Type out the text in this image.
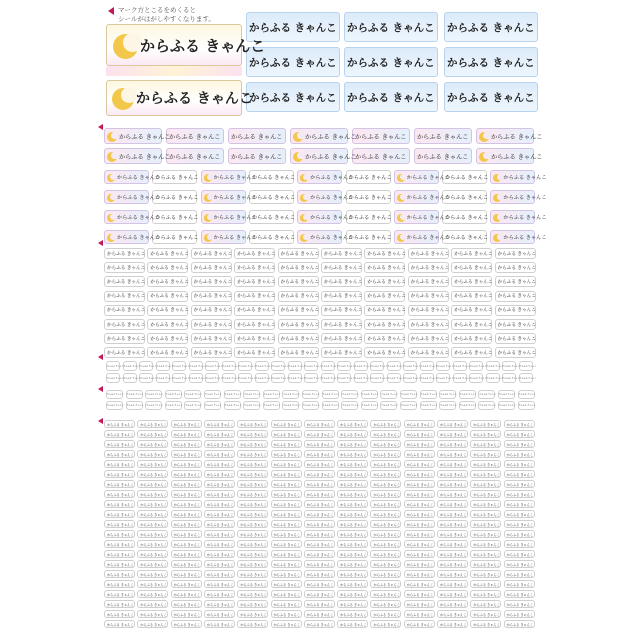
マーク方とこるをめくると
シールがはがしやすくなります。
からふる きゃんこ
からふる きゃんこ
からふる きゃんこ からふる きゃんこ からふる きゃんこ
からふる きゃんこ からふる きゃんこ からふる きゃんこ
からふる きゃんこ からふる きゃんこ からふる きゃんこ
からふる きゃんこ
からふる きゃんこ	からふる きゃんこ	からふる きゃんこ
からふる きゃんこ	からふる きゃんこ	からふる きゃんこ
からふる きゃんこ
からふる きゃんこ	からふる きゃんこ	からふる きゃんこ
からふる きゃんこ	からふる きゃんこ	からふる きゃんこ
からふる きゃんこ
からふる きゃんこ	からふる きゃんこ
からふる きゃんこ	からふる きゃんこ
からふる きゃんこ	からふる きゃんこ
からふる きゃんこ	からふる きゃんこ
からふる きゃんこ
からふる きゃんこ	からふる きゃんこ
からふる きゃんこ	からふる きゃんこ
からふる きゃんこ	からふる きゃんこ
からふる きゃんこ	からふる きゃんこ
からふる きゃんこ
からふる きゃんこ	からふる きゃんこ
からふる きゃんこ	からふる きゃんこ
からふる きゃんこ	からふる きゃんこ
からふる きゃんこ	からふる きゃんこ
からふる きゃんこ
からふる きゃんこ	からふる きゃんこ
からふる きゃんこ	からふる きゃんこ
からふる きゃんこ	からふる きゃんこ
からふる きゃんこ	からふる きゃんこ
からふる きゃんこ	からふる きゃんこ	からふる きゃんこ	からふる きゃんこ	からふる きゃんこ	からふる きゃんこ	からふる きゃんこ	からふる きゃんこ	からふる きゃんこ	からふる きゃんこ
からふる きゃんこ	からふる きゃんこ	からふる きゃんこ	からふる きゃんこ	からふる きゃんこ	からふる きゃんこ	からふる きゃんこ	からふる きゃんこ	からふる きゃんこ	からふる きゃんこ
からふる きゃんこ	からふる きゃんこ	からふる きゃんこ	からふる きゃんこ	からふる きゃんこ	からふる きゃんこ	からふる きゃんこ	からふる きゃんこ	からふる きゃんこ	からふる きゃんこ
からふる きゃんこ	からふる きゃんこ	からふる きゃんこ	からふる きゃんこ	からふる きゃんこ	からふる きゃんこ	からふる きゃんこ	からふる きゃんこ	からふる きゃんこ	からふる きゃんこ
からふる きゃんこ	からふる きゃんこ	からふる きゃんこ	からふる きゃんこ	からふる きゃんこ	からふる きゃんこ	からふる きゃんこ	からふる きゃんこ	からふる きゃんこ	からふる きゃんこ
からふる きゃんこ	からふる きゃんこ	からふる きゃんこ	からふる きゃんこ	からふる きゃんこ	からふる きゃんこ	からふる きゃんこ	からふる きゃんこ	からふる きゃんこ	からふる きゃんこ
からふる きゃんこ	からふる きゃんこ	からふる きゃんこ	からふる きゃんこ	からふる きゃんこ	からふる きゃんこ	からふる きゃんこ	からふる きゃんこ	からふる きゃんこ	からふる きゃんこ
からふる きゃんこ	からふる きゃんこ	からふる きゃんこ	からふる きゃんこ	からふる きゃんこ	からふる きゃんこ	からふる きゃんこ	からふる きゃんこ	からふる きゃんこ	からふる きゃんこ
からふる きゃんこ からふる きゃんこ からふる きゃんこ からふる きゃんこ からふる きゃんこ からふる きゃんこ からふる きゃんこ からふる きゃんこ からふる きゃんこ からふる きゃんこ からふる きゃんこ からふる きゃんこ からふる きゃんこ からふる きゃんこ からふる きゃんこ からふる きゃんこ からふる きゃんこ からふる きゃんこ からふる きゃんこ からふる きゃんこ からふる きゃんこ からふる きゃんこ からふる きゃんこ からふる きゃんこ からふる きゃんこ からふる きゃんこ
からふる きゃんこ からふる きゃんこ からふる きゃんこ からふる きゃんこ からふる きゃんこ からふる きゃんこ からふる きゃんこ からふる きゃんこ からふる きゃんこ からふる きゃんこ からふる きゃんこ からふる きゃんこ からふる きゃんこ からふる きゃんこ からふる きゃんこ からふる きゃんこ からふる きゃんこ からふる きゃんこ からふる きゃんこ からふる きゃんこ からふる きゃんこ からふる きゃんこ からふる きゃんこ からふる きゃんこ からふる きゃんこ からふる きゃんこ
からふる きゃんこ からふる きゃんこ からふる きゃんこ からふる きゃんこ からふる きゃんこ からふる きゃんこ からふる きゃんこ からふる きゃんこ からふる きゃんこ からふる きゃんこ からふる きゃんこ からふる きゃんこ からふる きゃんこ からふる きゃんこ からふる きゃんこ からふる きゃんこ からふる きゃんこ からふる きゃんこ からふる きゃんこ からふる きゃんこ からふる きゃんこ からふる きゃんこ
からふる きゃんこ からふる きゃんこ からふる きゃんこ からふる きゃんこ からふる きゃんこ からふる きゃんこ からふる きゃんこ からふる きゃんこ からふる きゃんこ からふる きゃんこ からふる きゃんこ からふる きゃんこ からふる きゃんこ からふる きゃんこ からふる きゃんこ からふる きゃんこ からふる きゃんこ からふる きゃんこ からふる きゃんこ からふる きゃんこ からふる きゃんこ からふる きゃんこ
からふる きゃんこ	からふる きゃんこ	からふる きゃんこ	からふる きゃんこ	からふる きゃんこ	からふる きゃんこ	からふる きゃんこ	からふる きゃんこ	からふる きゃんこ	からふる きゃんこ	からふる きゃんこ	からふる きゃんこ	からふる きゃんこ
からふる きゃんこ	からふる きゃんこ	からふる きゃんこ	からふる きゃんこ	からふる きゃんこ	からふる きゃんこ	からふる きゃんこ	からふる きゃんこ	からふる きゃんこ	からふる きゃんこ	からふる きゃんこ	からふる きゃんこ	からふる きゃんこ
からふる きゃんこ	からふる きゃんこ	からふる きゃんこ	からふる きゃんこ	からふる きゃんこ	からふる きゃんこ	からふる きゃんこ	からふる きゃんこ	からふる きゃんこ	からふる きゃんこ	からふる きゃんこ	からふる きゃんこ	からふる きゃんこ
からふる きゃんこ	からふる きゃんこ	からふる きゃんこ	からふる きゃんこ	からふる きゃんこ	からふる きゃんこ	からふる きゃんこ	からふる きゃんこ	からふる きゃんこ	からふる きゃんこ	からふる きゃんこ	からふる きゃんこ	からふる きゃんこ
からふる きゃんこ	からふる きゃんこ	からふる きゃんこ	からふる きゃんこ	からふる きゃんこ	からふる きゃんこ	からふる きゃんこ	からふる きゃんこ	からふる きゃんこ	からふる きゃんこ	からふる きゃんこ	からふる きゃんこ	からふる きゃんこ
からふる きゃんこ	からふる きゃんこ	からふる きゃんこ	からふる きゃんこ	からふる きゃんこ	からふる きゃんこ	からふる きゃんこ	からふる きゃんこ	からふる きゃんこ	からふる きゃんこ	からふる きゃんこ	からふる きゃんこ	からふる きゃんこ
からふる きゃんこ	からふる きゃんこ	からふる きゃんこ	からふる きゃんこ	からふる きゃんこ	からふる きゃんこ	からふる きゃんこ	からふる きゃんこ	からふる きゃんこ	からふる きゃんこ	からふる きゃんこ	からふる きゃんこ	からふる きゃんこ
からふる きゃんこ	からふる きゃんこ	からふる きゃんこ	からふる きゃんこ	からふる きゃんこ	からふる きゃんこ	からふる きゃんこ	からふる きゃんこ	からふる きゃんこ	からふる きゃんこ	からふる きゃんこ	からふる きゃんこ	からふる きゃんこ
からふる きゃんこ	からふる きゃんこ	からふる きゃんこ	からふる きゃんこ	からふる きゃんこ	からふる きゃんこ	からふる きゃんこ	からふる きゃんこ	からふる きゃんこ	からふる きゃんこ	からふる きゃんこ	からふる きゃんこ	からふる きゃんこ
からふる きゃんこ	からふる きゃんこ	からふる きゃんこ	からふる きゃんこ	からふる きゃんこ	からふる きゃんこ	からふる きゃんこ	からふる きゃんこ	からふる きゃんこ	からふる きゃんこ	からふる きゃんこ	からふる きゃんこ	からふる きゃんこ
からふる きゃんこ	からふる きゃんこ	からふる きゃんこ	からふる きゃんこ	からふる きゃんこ	からふる きゃんこ	からふる きゃんこ	からふる きゃんこ	からふる きゃんこ	からふる きゃんこ	からふる きゃんこ	からふる きゃんこ	からふる きゃんこ
からふる きゃんこ	からふる きゃんこ	からふる きゃんこ	からふる きゃんこ	からふる きゃんこ	からふる きゃんこ	からふる きゃんこ	からふる きゃんこ	からふる きゃんこ	からふる きゃんこ	からふる きゃんこ	からふる きゃんこ	からふる きゃんこ
からふる きゃんこ	からふる きゃんこ	からふる きゃんこ	からふる きゃんこ	からふる きゃんこ	からふる きゃんこ	からふる きゃんこ	からふる きゃんこ	からふる きゃんこ	からふる きゃんこ	からふる きゃんこ	からふる きゃんこ	からふる きゃんこ
からふる きゃんこ	からふる きゃんこ	からふる きゃんこ	からふる きゃんこ	からふる きゃんこ	からふる きゃんこ	からふる きゃんこ	からふる きゃんこ	からふる きゃんこ	からふる きゃんこ	からふる きゃんこ	からふる きゃんこ	からふる きゃんこ
からふる きゃんこ	からふる きゃんこ	からふる きゃんこ	からふる きゃんこ	からふる きゃんこ	からふる きゃんこ	からふる きゃんこ	からふる きゃんこ	からふる きゃんこ	からふる きゃんこ	からふる きゃんこ	からふる きゃんこ	からふる きゃんこ
からふる きゃんこ	からふる きゃんこ	からふる きゃんこ	からふる きゃんこ	からふる きゃんこ	からふる きゃんこ	からふる きゃんこ	からふる きゃんこ	からふる きゃんこ	からふる きゃんこ	からふる きゃんこ	からふる きゃんこ	からふる きゃんこ
からふる きゃんこ	からふる きゃんこ	からふる きゃんこ	からふる きゃんこ	からふる きゃんこ	からふる きゃんこ	からふる きゃんこ	からふる きゃんこ	からふる きゃんこ	からふる きゃんこ	からふる きゃんこ	からふる きゃんこ	からふる きゃんこ
からふる きゃんこ	からふる きゃんこ	からふる きゃんこ	からふる きゃんこ	からふる きゃんこ	からふる きゃんこ	からふる きゃんこ	からふる きゃんこ	からふる きゃんこ	からふる きゃんこ	からふる きゃんこ	からふる きゃんこ	からふる きゃんこ
からふる きゃんこ	からふる きゃんこ	からふる きゃんこ	からふる きゃんこ	からふる きゃんこ	からふる きゃんこ	からふる きゃんこ	からふる きゃんこ	からふる きゃんこ	からふる きゃんこ	からふる きゃんこ	からふる きゃんこ	からふる きゃんこ
からふる きゃんこ	からふる きゃんこ	からふる きゃんこ	からふる きゃんこ	からふる きゃんこ	からふる きゃんこ	からふる きゃんこ	からふる きゃんこ	からふる きゃんこ	からふる きゃんこ	からふる きゃんこ	からふる きゃんこ	からふる きゃんこ
からふる きゃんこ	からふる きゃんこ	からふる きゃんこ	からふる きゃんこ	からふる きゃんこ	からふる きゃんこ	からふる きゃんこ	からふる きゃんこ	からふる きゃんこ	からふる きゃんこ	からふる きゃんこ	からふる きゃんこ	からふる きゃんこ
